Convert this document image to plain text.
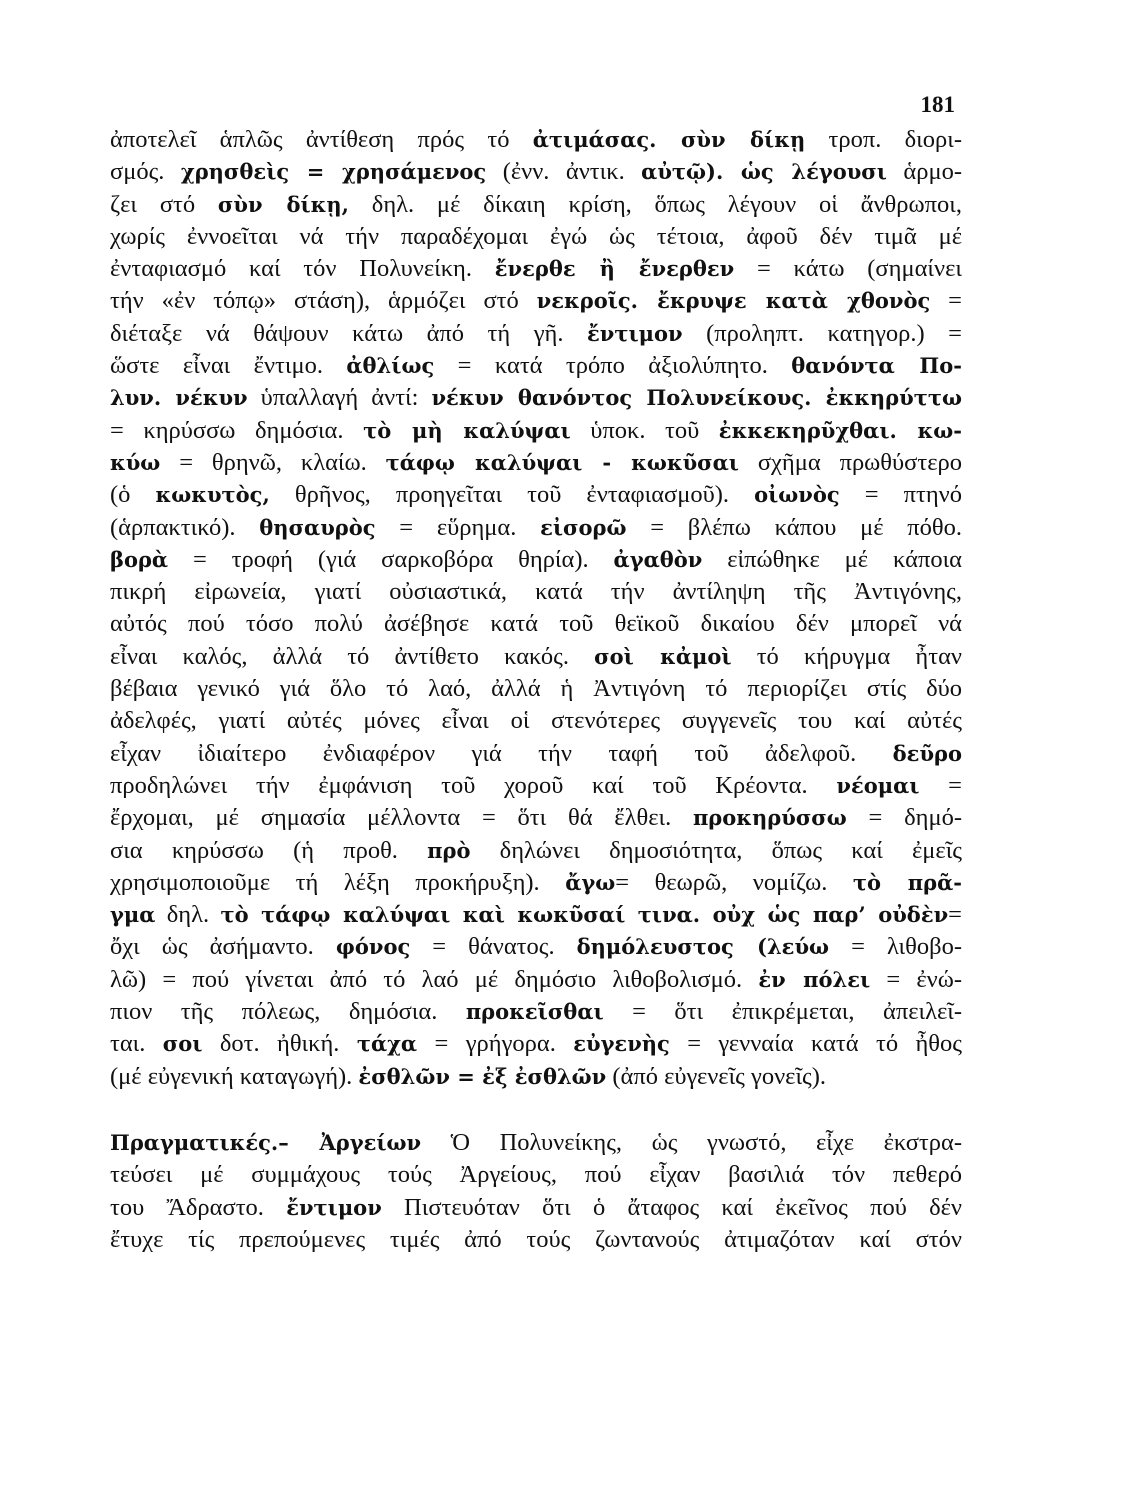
181
ἀποτελεῖ ἁπλῶς ἀντίθεση πρός τό ἀτιμάσας. σὺν δίκῃ τροπ. διορι-
σμός. χρησθεὶς = χρησάμενος (ἐνν. ἀντικ. αὐτῷ). ὡς λέγουσι ἁρμο-
ζει στό σὺν δίκῃ, δηλ. μέ δίκαιη κρίση, ὅπως λέγουν οἱ ἄνθρωποι,
χωρίς ἐννοεῖται νά τήν παραδέχομαι ἐγώ ὡς τέτοια, ἀφοῦ δέν τιμᾶ μέ
ἐνταφιασμό καί τόν Πολυνείκη. ἔνερθε ἢ ἔνερθεν = κάτω (σημαίνει
τήν «ἐν τόπῳ» στάση), ἁρμόζει στό νεκροῖς. ἔκρυψε κατὰ χθονὸς =
διέταξε νά θάψουν κάτω ἀπό τή γῆ. ἔντιμον (προληπτ. κατηγορ.) =
ὥστε εἶναι ἔντιμο. ἀθλίως = κατά τρόπο ἀξιολύπητο. θανόντα Πο-
λυν. νέκυν ὑπαλλαγή ἀντί: νέκυν θανόντος Πολυνείκους. ἐκκηρύττω
= κηρύσσω δημόσια. τὸ μὴ καλύψαι ὑποκ. τοῦ ἐκκεκηρῦχθαι. κω-
κύω = θρηνῶ, κλαίω. τάφῳ καλύψαι - κωκῦσαι σχῆμα πρωθύστερο
(ὁ κωκυτὸς, θρῆνος, προηγεῖται τοῦ ἐνταφιασμοῦ). οἰωνὸς = πτηνό
(ἁρπακτικό). θησαυρὸς = εὕρημα. εἰσορῶ = βλέπω κάπου μέ πόθο.
βορὰ = τροφή (γιά σαρκοβόρα θηρία). ἀγαθὸν εἰπώθηκε μέ κάποια
πικρή εἰρωνεία, γιατί οὐσιαστικά, κατά τήν ἀντίληψη τῆς Ἀντιγόνης,
αὐτός πού τόσο πολύ ἀσέβησε κατά τοῦ θεϊκοῦ δικαίου δέν μπορεῖ νά
εἶναι καλός, ἀλλά τό ἀντίθετο κακός. σοὶ κἀμοὶ τό κήρυγμα ἦταν
βέβαια γενικό γιά ὅλο τό λαό, ἀλλά ἡ Ἀντιγόνη τό περιορίζει στίς δύο
ἀδελφές, γιατί αὐτές μόνες εἶναι οἱ στενότερες συγγενεῖς του καί αὐτές
εἶχαν ἰδιαίτερο ἐνδιαφέρον γιά τήν ταφή τοῦ ἀδελφοῦ. δεῦρο
προδηλώνει τήν ἐμφάνιση τοῦ χοροῦ καί τοῦ Κρέοντα. νέομαι =
ἔρχομαι, μέ σημασία μέλλοντα = ὅτι θά ἔλθει. προκηρύσσω = δημό-
σια κηρύσσω (ἡ προθ. πρὸ δηλώνει δημοσιότητα, ὅπως καί ἐμεῖς
χρησιμοποιοῦμε τή λέξη προκήρυξη). ἄγω= θεωρῶ, νομίζω. τὸ πρᾶ-
γμα δηλ. τὸ τάφῳ καλύψαι καὶ κωκῦσαί τινα. οὐχ ὡς παρ’ οὐδὲν=
ὄχι ὡς ἀσήμαντο. φόνος = θάνατος. δημόλευστος (λεύω = λιθοβο-
λῶ) = πού γίνεται ἀπό τό λαό μέ δημόσιο λιθοβολισμό. ἐν πόλει = ἐνώ-
πιον τῆς πόλεως, δημόσια. προκεῖσθαι = ὅτι ἐπικρέμεται, ἀπειλεῖ-
ται. σοι δοτ. ἠθική. τάχα = γρήγορα. εὐγενὴς = γενναία κατά τό ἦθος
(μέ εὐγενική καταγωγή). ἐσθλῶν = ἐξ ἐσθλῶν (ἀπό εὐγενεῖς γονεῖς).
Πραγματικές.– Ἀργείων Ὁ Πολυνείκης, ὡς γνωστό, εἶχε ἐκστρα-
τεύσει μέ συμμάχους τούς Ἀργείους, πού εἶχαν βασιλιά τόν πεθερό
του Ἄδραστο. ἔντιμον Πιστευόταν ὅτι ὁ ἄταφος καί ἐκεῖνος πού δέν
ἔτυχε τίς πρεπούμενες τιμές ἀπό τούς ζωντανούς ἀτιμαζόταν καί στόν
